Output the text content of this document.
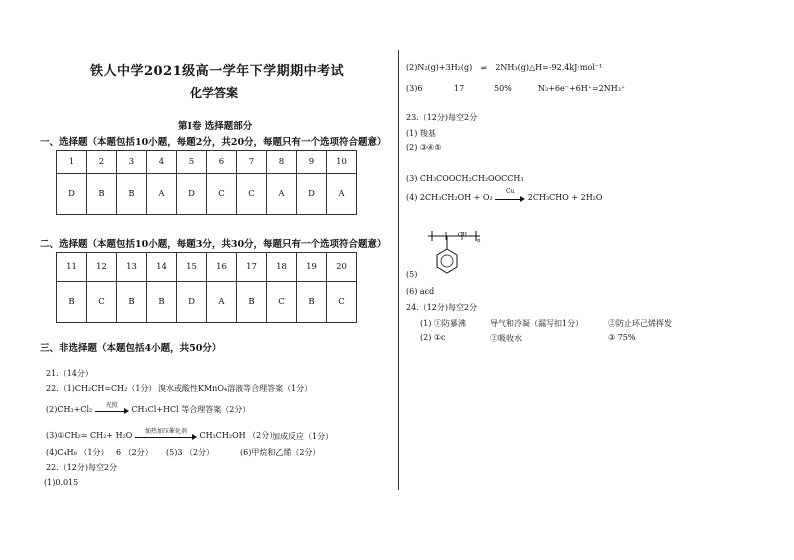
铁人中学2021级高一学年下学期期中考试
化学答案
第Ⅰ卷 选择题部分
一、选择题（本题包括10小题，每题2分，共20分，每题只有一个选项符合题意）
1	2	3	4	5	6	7	8	9	10
D	B	B	A	D	C	C	A	D	A
二、选择题（本题包括10小题，每题3分，共30分，每题只有一个选项符合题意）
11	12	13	14	15	16	17	18	19	20
B	C	B	B	D	A	B	C	B	C
三、非选择题（本题包括4小题，共50分）
21.（14分）
22.（1)CH₂CH=CH₂（1分） 溴水或酸性KMnO₄溶液等合理答案（1分）
(2)CH₃+Cl₂	光照	CH₃Cl+HCl 等合理答案（2分）
(3)①CH₂= CH₂+ H₂O	加热加压催化剂	CH₃CH₂OH （2分）
加成反应（1分）
(4)C₄H₈ （1分） 6 （2分） (5)3 （2分）	(6)甲烷和乙烯（2分）
22.（12分)每空2分
(1)0.015
(2)N₂(g)+3H₂(g) ⇌ 2NH₃(g)△H=-92.4kJ·mol⁻¹
(3)6	17	50%	N₂+6e⁻+6H⁺=2NH₃⁺
23.（12分)每空2分
(1) 羧基
(2) ③④⑤
(3) CH₃COOCH₂CH₂OOCCH₃
(4) 2CH₃CH₂OH + O₂
Cu
2CH₃CHO + 2H₂O
CH
n
(5)
(6) acd
24.（12分)每空2分
(1) ①防暴沸	导气和冷凝（漏写扣1分）	②防止环己烯挥发
(2) ①c	②吸收水	③ 75%
